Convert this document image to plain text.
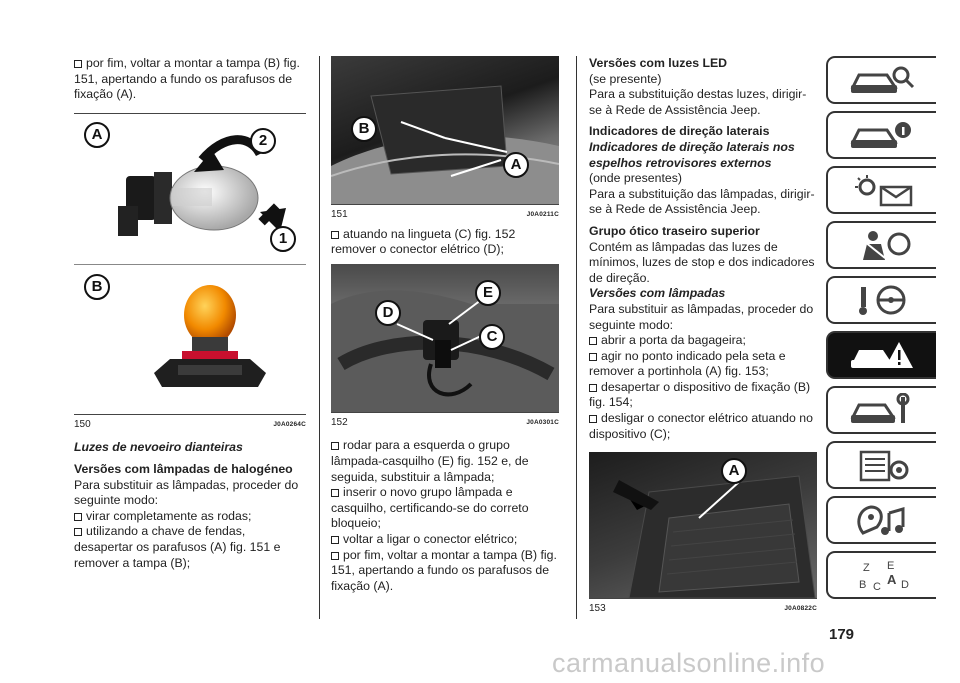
por fim, voltar a montar a tampa (B) fig. 151, apertando a fundo os parafusos de fixação (A).

A	2
1
B
150	J0A0264C

Luzes de nevoeiro dianteiras

Versões com lâmpadas de halogéneo

Para substituir as lâmpadas, proceder do seguinte modo:

virar completamente as rodas;

utilizando a chave de fendas, desapertar os parafusos (A) fig. 151 e remover a tampa (B);

B
A
151	J0A0211C

atuando na lingueta (C) fig. 152 remover o conector elétrico (D);

E
D
C
152	J0A0301C

rodar para a esquerda o grupo lâmpada-casquilho (E) fig. 152 e, de seguida, substituir a lâmpada;

inserir o novo grupo lâmpada e casquilho, certificando-se do correto bloqueio;

voltar a ligar o conector elétrico;

por fim, voltar a montar a tampa (B) fig. 151, apertando a fundo os parafusos de fixação (A).

Versões com luzes LED

(se presente)

Para a substituição destas luzes, dirigir-se à Rede de Assistência Jeep.

Indicadores de direção laterais

Indicadores de direção laterais nos espelhos retrovisores externos

(onde presentes)

Para a substituição das lâmpadas, dirigir-se à Rede de Assistência Jeep.

Grupo ótico traseiro superior

Contém as lâmpadas das luzes de mínimos, luzes de stop e dos indicadores de direção.

Versões com lâmpadas

Para substituir as lâmpadas, proceder do seguinte modo:

abrir a porta da bagageira;

agir no ponto indicado pela seta e remover a portinhola (A) fig. 153;

desapertar o dispositivo de fixação (B) fig. 154;

desligar o conector elétrico atuando no dispositivo (C);

A
153	J0A0822C
Z E
B C A D
179
carmanualsonline.info
